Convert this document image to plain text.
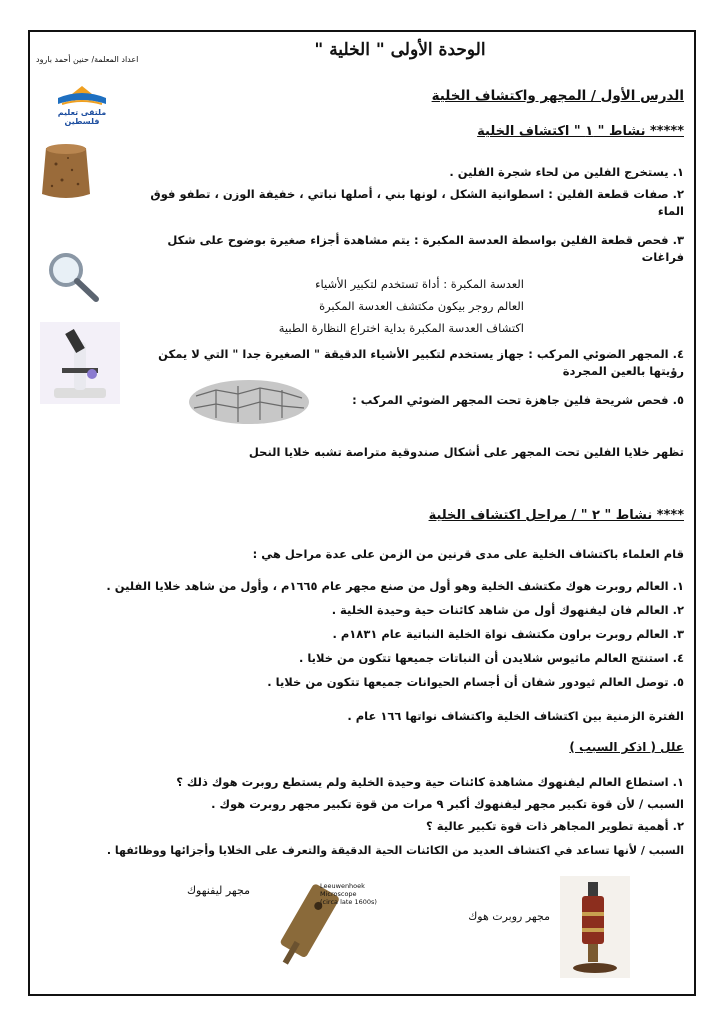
الوحدة الأولى " الخلية "
اعداد المعلمة/ حنين أحمد بارود
ملتقى تعليم فلسطين
الدرس الأول / المجهر واكتشاف الخلية
***** نشاط " ١ " اكتشاف الخلية
١.يستخرج الفلين من لحاء شجرة الفلين .
٢.صفات قطعة الفلين : اسطوانية الشكل ، لونها بني ، أصلها نباتي ، خفيفة الوزن ، تطفو فوق الماء
٣.فحص قطعة الفلين بواسطة العدسة المكبرة : يتم مشاهدة أجزاء صغيرة بوضوح على شكل فراغات
العدسة المكبرة : أداة تستخدم لتكبير الأشياء
العالم روجر بيكون مكتشف العدسة المكبرة
اكتشاف العدسة المكبرة بداية اختراع النظارة الطبية
٤.المجهر الضوئي المركب : جهاز يستخدم لتكبير الأشياء الدقيقة " الصغيرة جدا " التي لا يمكن رؤيتها بالعين المجردة
٥.فحص شريحة فلين جاهزة تحت المجهر الضوئي المركب :
تظهر خلايا الفلين تحت المجهر على أشكال صندوقية متراصة تشبه خلايا النحل
**** نشاط " ٢ " / مراحل اكتشاف الخلية
قام العلماء باكتشاف الخلية على مدى قرنين من الزمن على عدة مراحل هي :
١.العالم روبرت هوك مكتشف الخلية وهو أول من صنع مجهر عام ١٦٦٥م ، وأول من شاهد خلايا الفلين .
٢.العالم فان ليفنهوك أول من شاهد كائنات حية وحيدة الخلية .
٣.العالم روبرت براون مكتشف نواة الخلية النباتية عام ١٨٣١م .
٤.استنتج العالم ماثيوس شلايدن أن النباتات جميعها تتكون من خلايا .
٥.توصل العالم ثيودور شفان أن أجسام الحيوانات جميعها تتكون من خلايا .
الفترة الزمنية بين اكتشاف الخلية واكتشاف نواتها ١٦٦ عام .
علل ( اذكر السبب )
١.استطاع العالم ليفنهوك مشاهدة كائنات حية وحيدة الخلية ولم يستطع روبرت هوك ذلك ؟
السبب / لأن قوة تكبير مجهر ليفنهوك أكبر ٩ مرات من قوة تكبير مجهر روبرت هوك .
٢.أهمية تطوير المجاهر ذات قوة تكبير عالية ؟
السبب / لأنها تساعد في اكتشاف العديد من الكائنات الحية الدقيقة والتعرف على الخلايا وأجزائها ووظائفها .
مجهر ليفنهوك	Leeuwenhoek
Microscope
(circa late 1600s)
مجهر روبرت هوك
